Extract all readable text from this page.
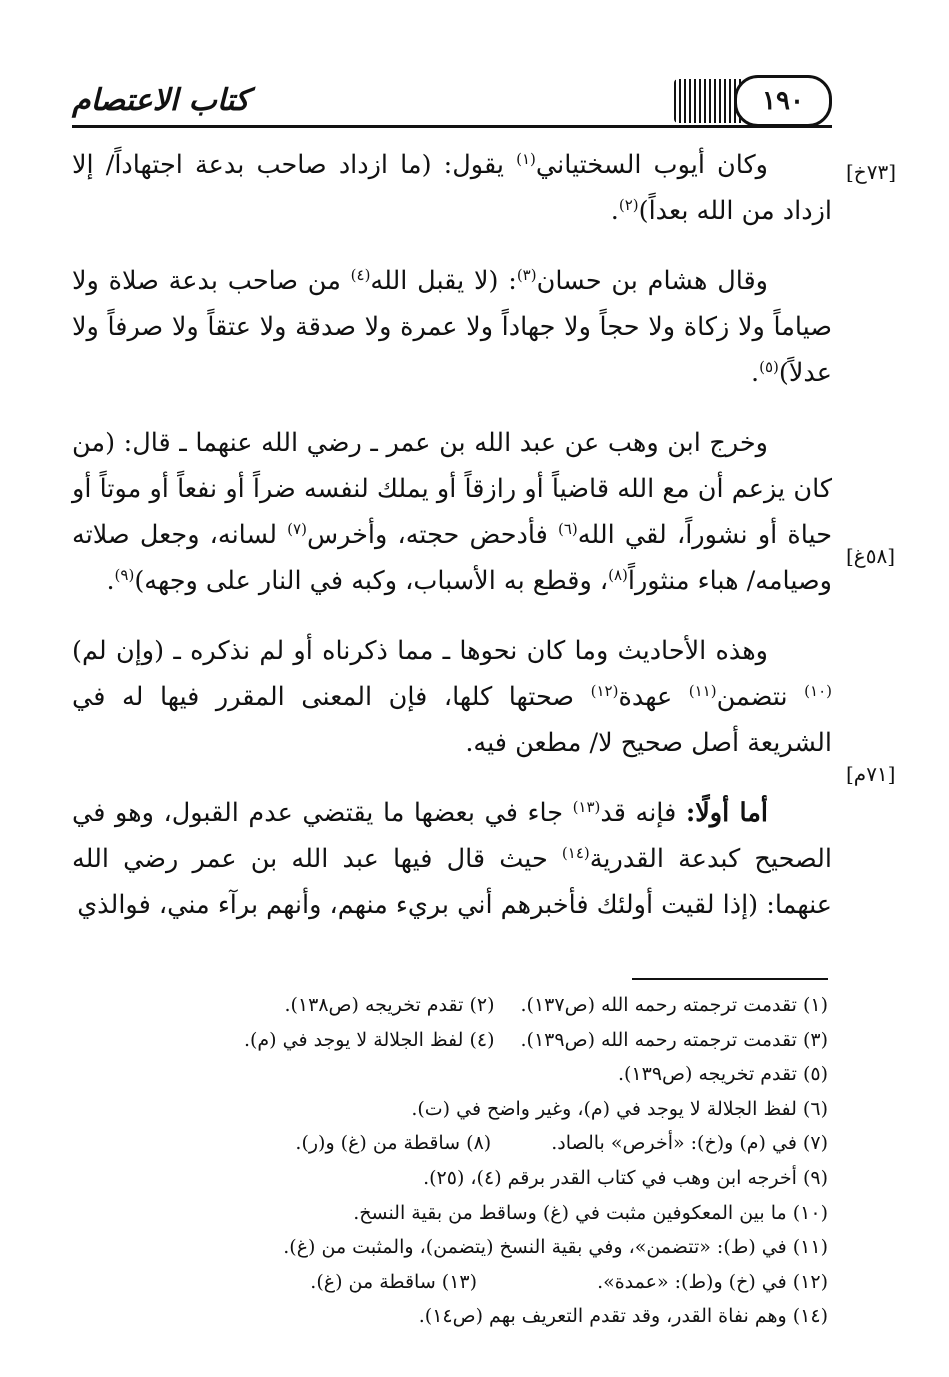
كتاب الاعتصام	١٩٠
[٧٣خ]
[٥٨غ]
[٧١م]

وكان أيوب السختياني$^{(١)}$ يقول: (ما ازداد صاحب بدعة اجتهاداً/ إلا ازداد من الله بعداً)$^{(٢)}$.

وقال هشام بن حسان$^{(٣)}$: (لا يقبل الله$^{(٤)}$ من صاحب بدعة صلاة ولا صياماً ولا زكاة ولا حجاً ولا جهاداً ولا عمرة ولا صدقة ولا عتقاً ولا صرفاً ولا عدلاً)$^{(٥)}$.

وخرج ابن وهب عن عبد الله بن عمر ـ رضي الله عنهما ـ قال: (من كان يزعم أن مع الله قاضياً أو رازقاً أو يملك لنفسه ضراً أو نفعاً أو موتاً أو حياة أو نشوراً، لقي الله$^{(٦)}$ فأدحض حجته، وأخرس$^{(٧)}$ لسانه، وجعل صلاته وصيامه/ هباء منثوراً$^{(٨)}$، وقطع به الأسباب، وكبه في النار على وجهه)$^{(٩)}$.

وهذه الأحاديث وما كان نحوها ـ مما ذكرناه أو لم نذكره ـ (وإن لم)$^{(١٠)}$ نتضمن$^{(١١)}$ عهدة$^{(١٢)}$ صحتها كلها، فإن المعنى المقرر فيها له في الشريعة أصل صحيح لا/ مطعن فيه.

أما أولًا: فإنه قد$^{(١٣)}$ جاء في بعضها ما يقتضي عدم القبول، وهو في الصحيح كبدعة القدرية$^{(١٤)}$ حيث قال فيها عبد الله بن عمر رضي الله عنهما: (إذا لقيت أولئك فأخبرهم أني بريء منهم، وأنهم برآء مني، فوالذي

(١) تقدمت ترجمته رحمه الله (ص١٣٧).(٢) تقدم تخريجه (ص١٣٨).
(٣) تقدمت ترجمته رحمه الله (ص١٣٩).(٤) لفظ الجلالة لا يوجد في (م).
(٥) تقدم تخريجه (ص١٣٩).
(٦) لفظ الجلالة لا يوجد في (م)، وغير واضح في (ت).
(٧) في (م) و(خ): «أخرص» بالصاد.(٨) ساقطة من (غ) و(ر).
(٩) أخرجه ابن وهب في كتاب القدر برقم (٤)، (٢٥).
(١٠) ما بين المعكوفين مثبت في (غ) وساقط من بقية النسخ.
(١١) في (ط): «تتضمن»، وفي بقية النسخ (يتضمن)، والمثبت من (غ).
(١٢) في (خ) و(ط): «عمدة».(١٣) ساقطة من (غ).
(١٤) وهم نفاة القدر، وقد تقدم التعريف بهم (ص١٤).
